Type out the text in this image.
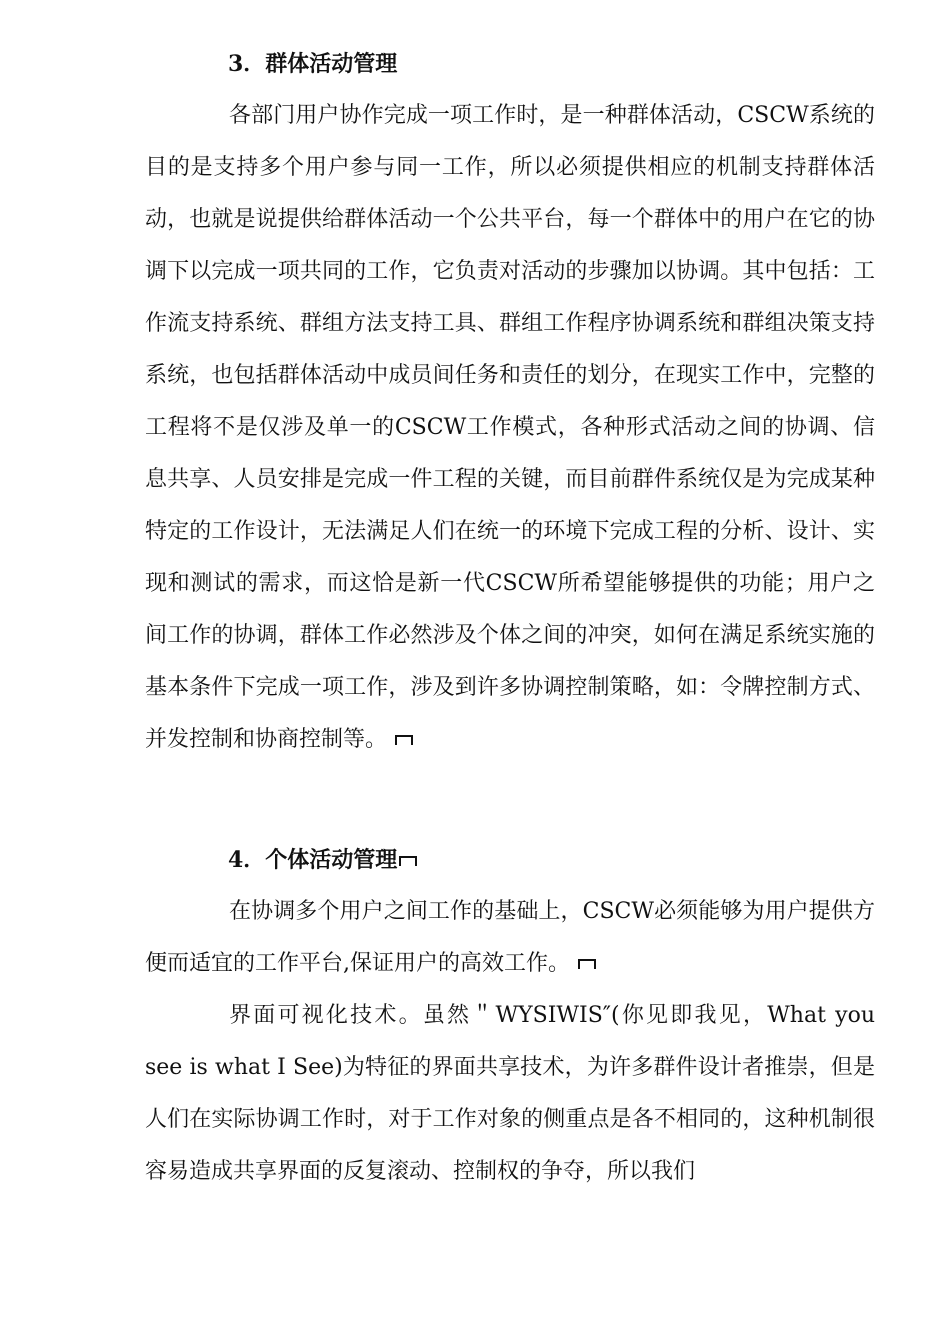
3．群体活动管理

各部门用户协作完成一项工作时，是一种群体活动，CSCW系统的目的是支持多个用户参与同一工作，所以必须提供相应的机制支持群体活动，也就是说提供给群体活动一个公共平台，每一个群体中的用户在它的协调下以完成一项共同的工作，它负责对活动的步骤加以协调。其中包括：工作流支持系统、群组方法支持工具、群组工作程序协调系统和群组决策支持系统，也包括群体活动中成员间任务和责任的划分，在现实工作中，完整的工程将不是仅涉及单一的CSCW工作模式，各种形式活动之间的协调、信息共享、人员安排是完成一件工程的关键，而目前群件系统仅是为完成某种特定的工作设计，无法满足人们在统一的环境下完成工程的分析、设计、实现和测试的需求，而这恰是新一代CSCW所希望能够提供的功能；用户之间工作的协调，群体工作必然涉及个体之间的冲突，如何在满足系统实施的基本条件下完成一项工作，涉及到许多协调控制策略，如：令牌控制方式、并发控制和协商控制等。

4．个体活动管理

在协调多个用户之间工作的基础上，CSCW必须能够为用户提供方便而适宜的工作平台,保证用户的高效工作。

界面可视化技术。虽然＂WYSIWIS″(你见即我见，What you see is what I See)为特征的界面共享技术，为许多群件设计者推崇，但是人们在实际协调工作时，对于工作对象的侧重点是各不相同的，这种机制很容易造成共享界面的反复滚动、控制权的争夺，所以我们
